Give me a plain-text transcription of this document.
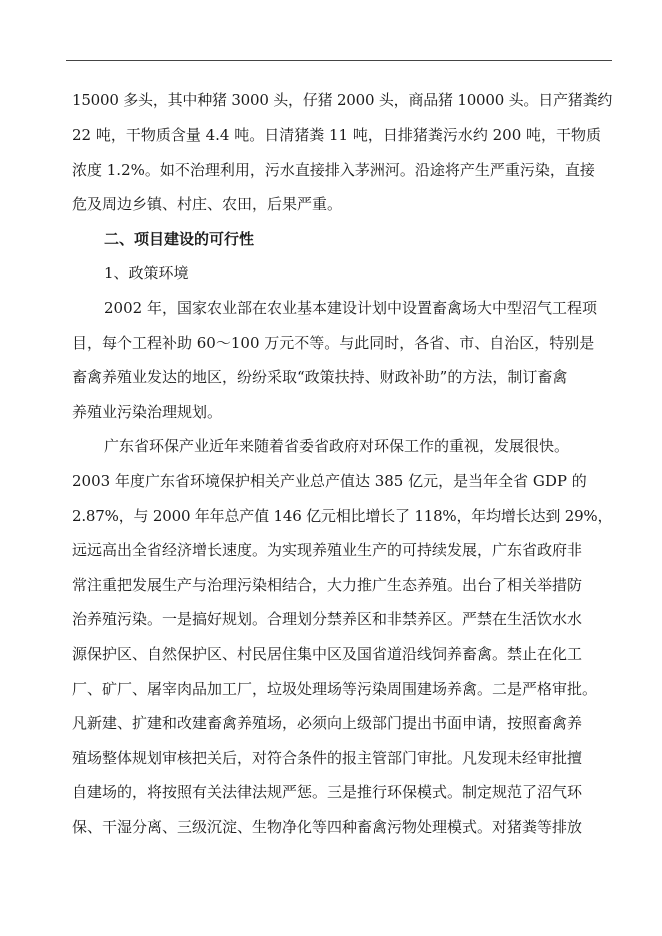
15000 多头，其中种猪 3000 头，仔猪 2000 头，商品猪 10000 头。日产猪粪约
22 吨，干物质含量 4.4 吨。日清猪粪 11 吨，日排猪粪污水约 200 吨，干物质
浓度 1.2%。如不治理利用，污水直接排入茅洲河。沿途将产生严重污染，直接
危及周边乡镇、村庄、农田，后果严重。
二、项目建设的可行性
1、政策环境
2002 年，国家农业部在农业基本建设计划中设置畜禽场大中型沼气工程项
目，每个工程补助 60～100 万元不等。与此同时，各省、市、自治区，特别是
畜禽养殖业发达的地区，纷纷采取“政策扶持、财政补助”的方法，制订畜禽
养殖业污染治理规划。
广东省环保产业近年来随着省委省政府对环保工作的重视，发展很快。
2003 年度广东省环境保护相关产业总产值达 385 亿元，是当年全省 GDP 的
2.87%，与 2000 年年总产值 146 亿元相比增长了 118%，年均增长达到 29%，
远远高出全省经济增长速度。为实现养殖业生产的可持续发展，广东省政府非
常注重把发展生产与治理污染相结合，大力推广生态养殖。出台了相关举措防
治养殖污染。一是搞好规划。合理划分禁养区和非禁养区。严禁在生活饮水水
源保护区、自然保护区、村民居住集中区及国省道沿线饲养畜禽。禁止在化工
厂、矿厂、屠宰肉品加工厂，垃圾处理场等污染周围建场养禽。二是严格审批。
凡新建、扩建和改建畜禽养殖场，必须向上级部门提出书面申请，按照畜禽养
殖场整体规划审核把关后，对符合条件的报主管部门审批。凡发现未经审批擅
自建场的，将按照有关法律法规严惩。三是推行环保模式。制定规范了沼气环
保、干湿分离、三级沉淀、生物净化等四种畜禽污物处理模式。对猪粪等排放
